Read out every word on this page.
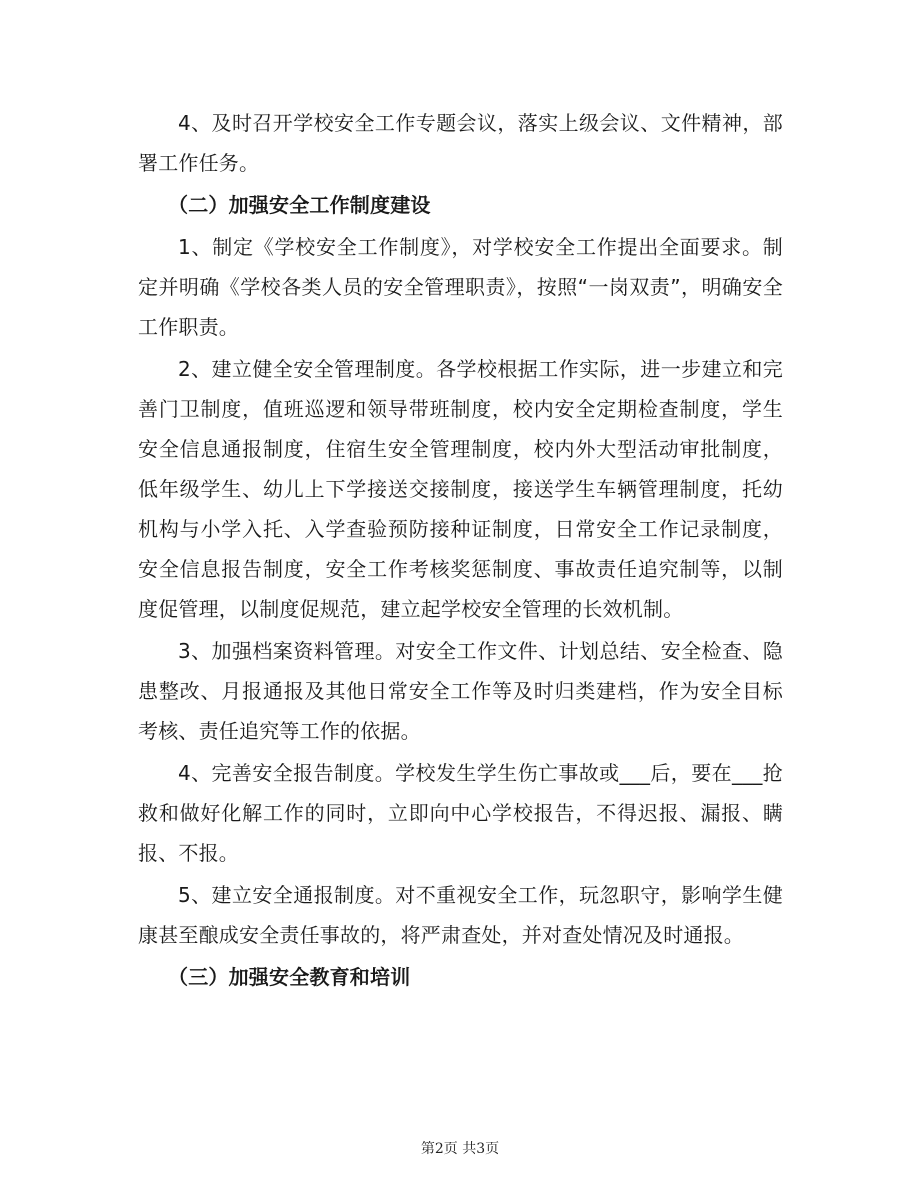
4、及时召开学校安全工作专题会议，落实上级会议、文件精神，部署工作任务。

（二）加强安全工作制度建设

1、制定《学校安全工作制度》，对学校安全工作提出全面要求。制定并明确《学校各类人员的安全管理职责》，按照“一岗双责”，明确安全工作职责。

2、建立健全安全管理制度。各学校根据工作实际，进一步建立和完善门卫制度，值班巡逻和领导带班制度，校内安全定期检查制度，学生安全信息通报制度，住宿生安全管理制度，校内外大型活动审批制度，低年级学生、幼儿上下学接送交接制度，接送学生车辆管理制度，托幼机构与小学入托、入学查验预防接种证制度，日常安全工作记录制度，安全信息报告制度，安全工作考核奖惩制度、事故责任追究制等，以制度促管理，以制度促规范，建立起学校安全管理的长效机制。

3、加强档案资料管理。对安全工作文件、计划总结、安全检查、隐患整改、月报通报及其他日常安全工作等及时归类建档，作为安全目标考核、责任追究等工作的依据。

4、完善安全报告制度。学校发生学生伤亡事故或___后，要在___抢救和做好化解工作的同时，立即向中心学校报告，不得迟报、漏报、瞒报、不报。

5、建立安全通报制度。对不重视安全工作，玩忽职守，影响学生健康甚至酿成安全责任事故的，将严肃查处，并对查处情况及时通报。

（三）加强安全教育和培训

第2页 共3页
